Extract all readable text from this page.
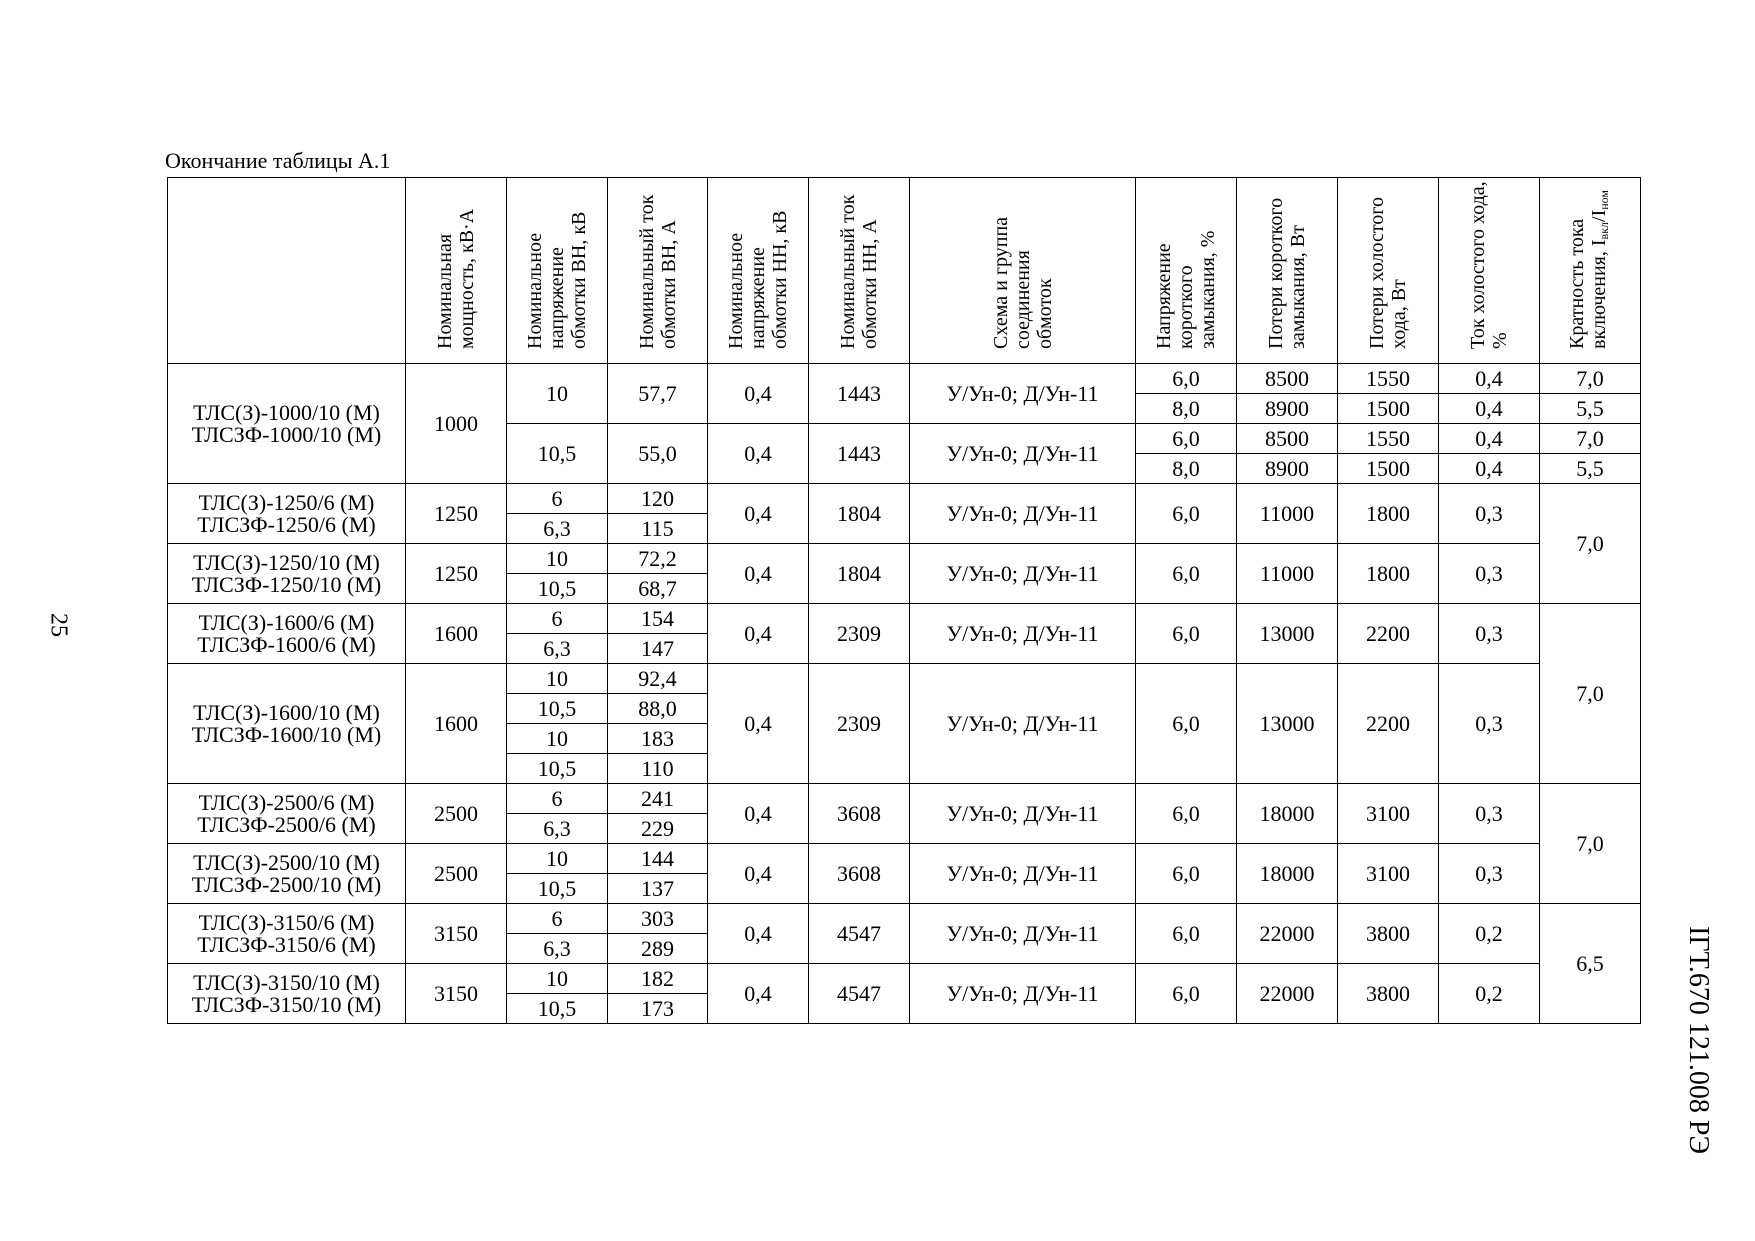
Окончание таблицы А.1
25
ІГТ.670 121.008 РЭ
	Номинальная мощность, кВ·А	Номинальное напряжение обмотки ВН, кВ	Номинальный ток обмотки ВН, А	Номинальное напряжение обмотки НН, кВ	Номинальный ток обмотки НН, А	Схема и группа соединения обмоток	Напряжение короткого замыкания, %	Потери короткого замыкания, Вт	Потери холостого хода, Вт	Ток холостого хода, %	Кратность тока включения, $I_{вкл}/I_{ном}$

ТЛС(З)-1000/10 (М)
ТЛСЗФ-1000/10 (М)	1000	10	57,7	0,4	1443	У/Ун-0; Д/Ун-11	6,0	8500	1550	0,4	7,0
							8,0	8900	1500	0,4	5,5
		10,5	55,0	0,4	1443	У/Ун-0; Д/Ун-11	6,0	8500	1550	0,4	7,0
							8,0	8900	1500	0,4	5,5

ТЛС(З)-1250/6 (М)
ТЛСЗФ-1250/6 (М)	1250	6	120	0,4	1804	У/Ун-0; Д/Ун-11	6,0	11000	1800	0,3	7,0
		6,3	115								

ТЛС(З)-1250/10 (М)
ТЛСЗФ-1250/10 (М)	1250	10	72,2	0,4	1804	У/Ун-0; Д/Ун-11	6,0	11000	1800	0,3	
		10,5	68,7								

ТЛС(З)-1600/6 (М)
ТЛСЗФ-1600/6 (М)	1600	6	154	0,4	2309	У/Ун-0; Д/Ун-11	6,0	13000	2200	0,3	7,0
		6,3	147								

ТЛС(З)-1600/10 (М)
ТЛСЗФ-1600/10 (М)	1600	10	92,4	0,4	2309	У/Ун-0; Д/Ун-11	6,0	13000	2200	0,3	
		10,5	88,0								
		10	183								
		10,5	110								

ТЛС(З)-2500/6 (М)
ТЛСЗФ-2500/6 (М)	2500	6	241	0,4	3608	У/Ун-0; Д/Ун-11	6,0	18000	3100	0,3	7,0
		6,3	229								

ТЛС(З)-2500/10 (М)
ТЛСЗФ-2500/10 (М)	2500	10	144	0,4	3608	У/Ун-0; Д/Ун-11	6,0	18000	3100	0,3	
		10,5	137								

ТЛС(З)-3150/6 (М)
ТЛСЗФ-3150/6 (М)	3150	6	303	0,4	4547	У/Ун-0; Д/Ун-11	6,0	22000	3800	0,2	6,5
		6,3	289								

ТЛС(З)-3150/10 (М)
ТЛСЗФ-3150/10 (М)	3150	10	182	0,4	4547	У/Ун-0; Д/Ун-11	6,0	22000	3800	0,2	
		10,5	173								
